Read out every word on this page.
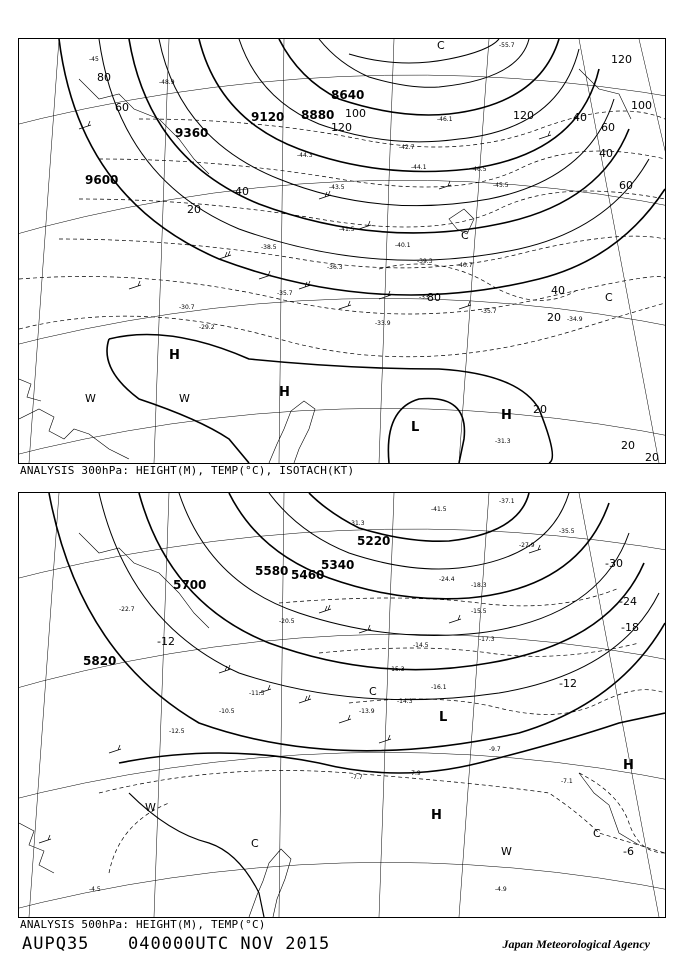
9120
8640
8880
9360
9600
80
60
40
20
120
100
80
40
20
20
20
20
40
60
100
120
120
40
60
-45
-48.9
-42.7
-44.3
-46.5
-43.5
-41.5
-40.7
-39.3
-36.3
-35.7
-33.9
-34.9
-31.3
-29.2
-33
-30.7
-35.7
-46.1
-55.7
-45.5
-44.1
-40.1
-38.5
H
H
L
H
W	W
C
C
C
ANALYSIS 300hPa: HEIGHT(M), TEMP(°C), ISOTACH(KT)
5580
5700
5820
5340
5460
5220
-30
-24
-18
-12
-6
-12
-41.5
-37.1
-35.5
-31.3
-27.9
-24.4
-18.3
-15.5
-17.3
-14.5
-15.3
-16.1
-14.3
-13.9
-9.7
-7.9
-7.7
-7.1
-4.9
-4.5
-10.5
-12.5
-11.5
-20.5
-22.7
H
H
W
W
C
C
C
L
ANALYSIS 500hPa: HEIGHT(M), TEMP(°C)
AUPQ35 040000UTC NOV 2015	Japan Meteorological Agency
